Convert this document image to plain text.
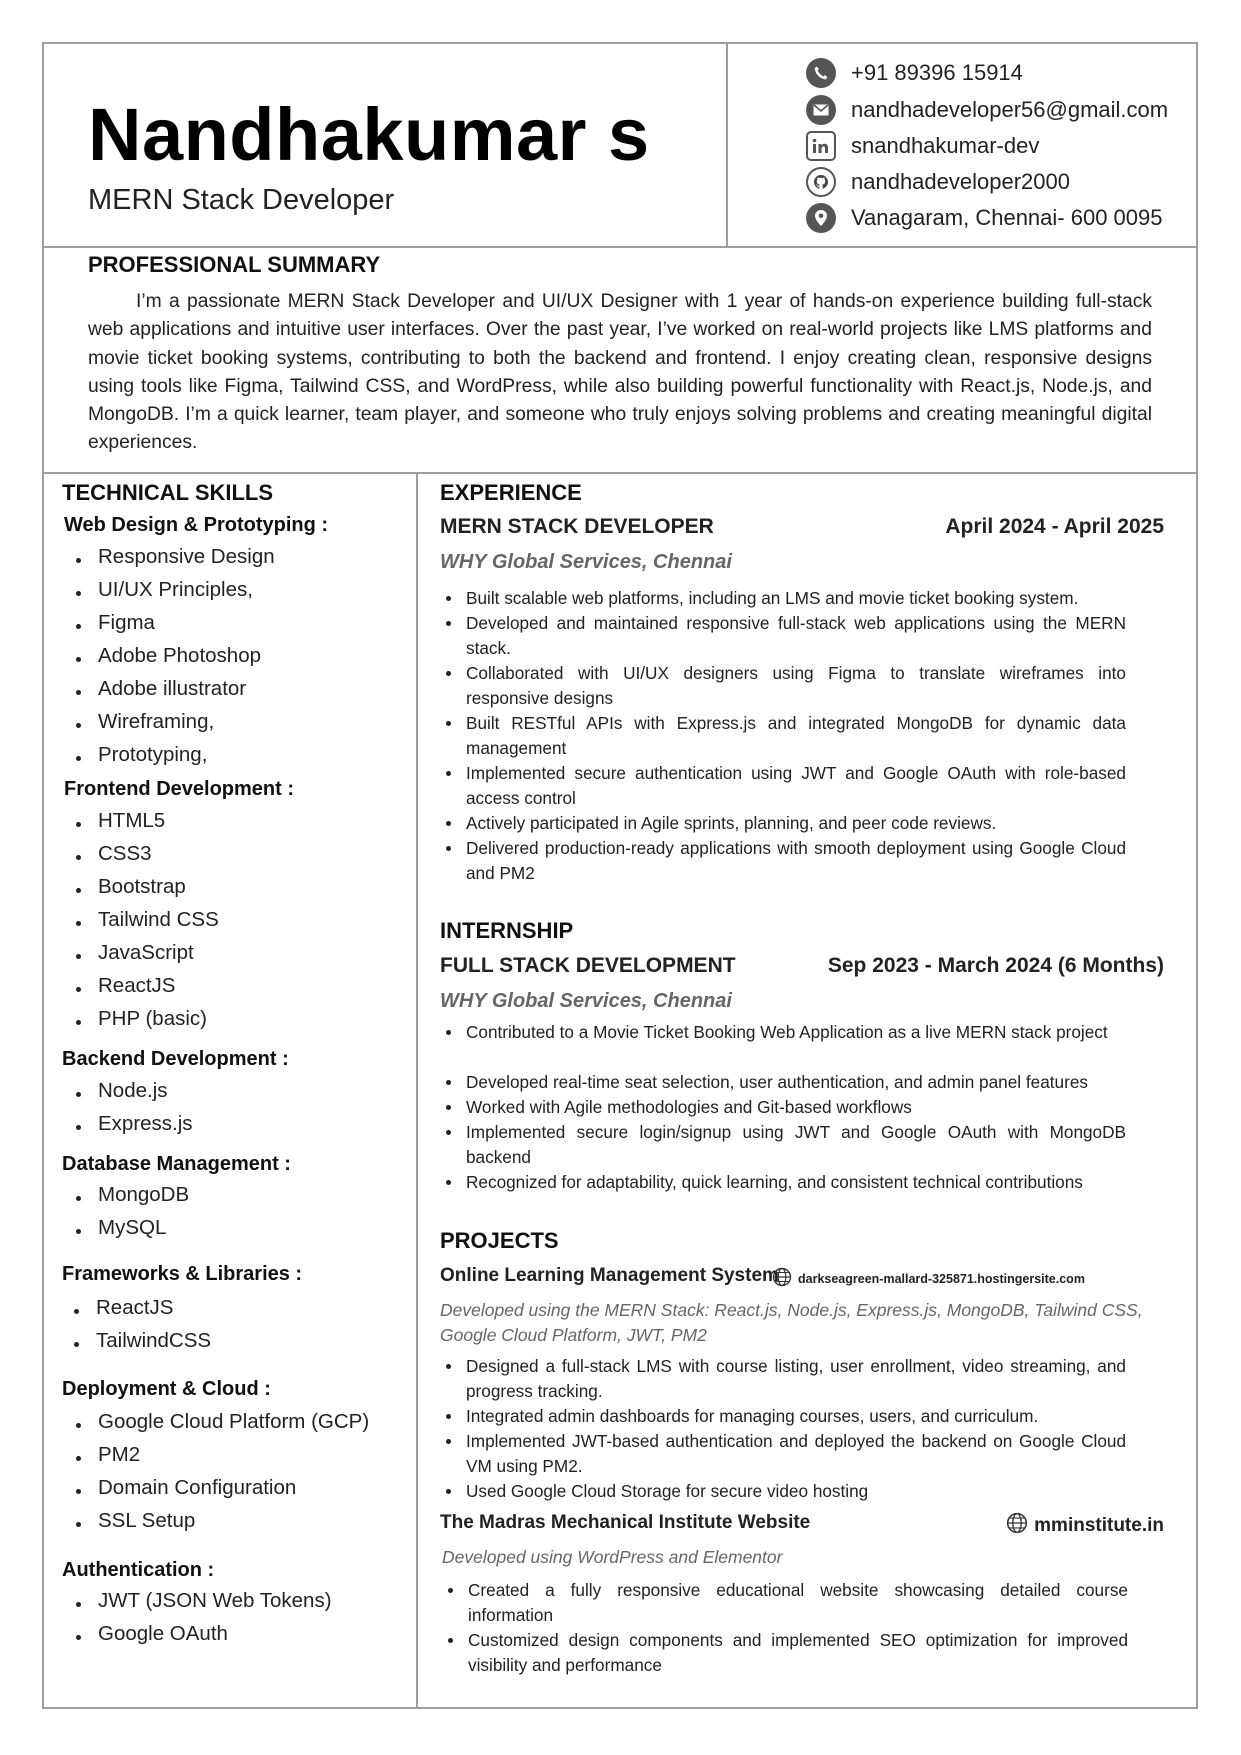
Nandhakumar s
MERN Stack Developer
+91 89396 15914
nandhadeveloper56@gmail.com
snandhakumar-dev
nandhadeveloper2000
Vanagaram, Chennai- 600 0095
PROFESSIONAL SUMMARY
I’m a passionate MERN Stack Developer and UI/UX Designer with 1 year of hands-on experience building full-stack web applications and intuitive user interfaces. Over the past year, I’ve worked on real-world projects like LMS platforms and movie ticket booking systems, contributing to both the backend and frontend. I enjoy creating clean, responsive designs using tools like Figma, Tailwind CSS, and WordPress, while also building powerful functionality with React.js, Node.js, and MongoDB. I’m a quick learner, team player, and someone who truly enjoys solving problems and creating meaningful digital experiences.
TECHNICAL SKILLS
Web Design & Prototyping :
Responsive Design
UI/UX Principles,
Figma
Adobe Photoshop
Adobe illustrator
Wireframing,
Prototyping,
Frontend Development :
HTML5
CSS3
Bootstrap
Tailwind CSS
JavaScript
ReactJS
PHP (basic)
Backend Development :
Node.js
Express.js
Database Management :
MongoDB
MySQL
Frameworks & Libraries :
ReactJS
TailwindCSS
Deployment & Cloud :
Google Cloud Platform (GCP)
PM2
Domain Configuration
SSL Setup
Authentication :
JWT (JSON Web Tokens)
Google OAuth
EXPERIENCE
MERN STACK DEVELOPER	April 2024 - April 2025
WHY Global Services, Chennai
Built scalable web platforms, including an LMS and movie ticket booking system.
Developed and maintained responsive full-stack web applications using the MERN stack.
Collaborated with UI/UX designers using Figma to translate wireframes into responsive designs
Built RESTful APIs with Express.js and integrated MongoDB for dynamic data management
Implemented secure authentication using JWT and Google OAuth with role-based access control
Actively participated in Agile sprints, planning, and peer code reviews.
Delivered production-ready applications with smooth deployment using Google Cloud and PM2
INTERNSHIP
FULL STACK DEVELOPMENT	Sep 2023 - March 2024 (6 Months)
WHY Global Services, Chennai
Contributed to a Movie Ticket Booking Web Application as a live MERN stack project
Developed real-time seat selection, user authentication, and admin panel features
Worked with Agile methodologies and Git-based workflows
Implemented secure login/signup using JWT and Google OAuth with MongoDB backend
Recognized for adaptability, quick learning, and consistent technical contributions
PROJECTS
Online Learning Management System darkseagreen-mallard-325871.hostingersite.com
Developed using the MERN Stack: React.js, Node.js, Express.js, MongoDB, Tailwind CSS, Google Cloud Platform, JWT, PM2
Designed a full-stack LMS with course listing, user enrollment, video streaming, and progress tracking.
Integrated admin dashboards for managing courses, users, and curriculum.
Implemented JWT-based authentication and deployed the backend on Google Cloud VM using PM2.
Used Google Cloud Storage for secure video hosting
The Madras Mechanical Institute Website	mminstitute.in
Developed using WordPress and Elementor
Created a fully responsive educational website showcasing detailed course information
Customized design components and implemented SEO optimization for improved visibility and performance
